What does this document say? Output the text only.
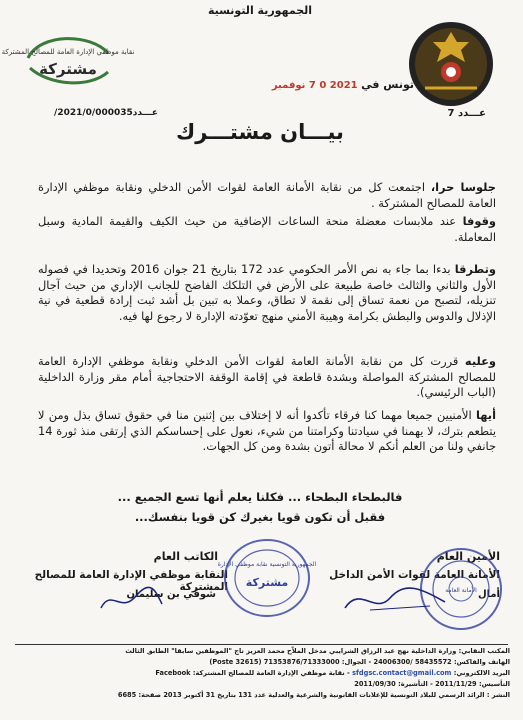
الجمهورية التونسية
نقابة موظفي الإدارة العامة للمصالح المشتركة
مشتركة
تونس في 2021 0 7 نوفمبر
عـــدد 7
عـــدد2021/0/000035/
بيـــان مشتـــرك
جلوسا حرا، اجتمعت كل من نقابة الأمانة العامة لقوات الأمن الدخلي ونقابة موظفي الإدارة العامة للمصالح المشتركة .
وقوفا عند ملابسات معضلة منحة الساعات الإضافية من حيث الكيف والقيمة المادية وسبل المعاملة.
وتطرقا بدءا بما جاء به نص الأمر الحكومي عدد 172 بتاريخ 21 جوان 2016 وتحديدا في فصوله الأول والثاني والثالث خاصة طبيعة على الأرض في التلكك الفاضح للجانب الإداري من حيث آجال تنزيله، لتصبح من نعمة تساق إلى نقمة لا تطاق، وعملا به تبين بل أشد ثبت إرادة قطعية في نية الإذلال والدوس والبطش بكرامة وهيبة الأمني منهج تعوّدته الإدارة لا رجوع لها فيه.
وعليه قررت كل من نقابة الأمانة العامة لقوات الأمن الدخلي ونقابة موظفي الإدارة العامة للمصالح المشتركة المواصلة وبشدة قاطعة في إقامة الوقفة الاحتجاجية أمام مقر وزارة الداخلية (الباب الرئيسي).
أيها الأمنيين جميعا مهما كنا فرقاء تأكدوا أنه لا إختلاف بين إثنين منا في حقوق تساق بذل ومن لا يتطعم بترك، لا يهمنا في سيادتنا وكرامتنا من شيء، نعول على إحساسكم الذي إرتقى منذ ثورة 14 جانفي ولنا من العلم أنكم لا محالة أتون بشدة ومن كل الجهات.
فالبطحاء البطحاء ... فكلنا يعلم أنها تسع الجميع ...
فقبل أن تكون قويا بغيرك كن قويا بنفسك...
الأمين العام
الأمانة العامة لقوات الأمن الداخل
أمال
الكاتب العام
النقابة موظفي الإدارة العامة للمصالح المشتركة
شوقي بن سليمان
الجمهورية التونسية نقابة موظفي الإدارة
مشتركة
الأمانة العامة
المكتب النقابي: وزارة الداخلية نهج عبد الرزاق الشرايبي مدخل الملاّح محمد العزيز تاج "الموظفين سابقا" الطابق الثالث
الهاتف والفاكس: 58435572 /24006300 - الجوال: 71353876/71333000 (Poste 32615)
البريد الالكتروني: sfdgsc.contact@gmail.com - نقابة موظفي الإدارة العامة للمصالح المشتركة: Facebook
التأسيس: 2011/11/29 - التأشيرة: 2011/09/30
النشر : الرائد الرسمي للبلاد التونسية للإعلانات القانونية والشرعية والعدلية عدد 131 بتاريخ 31 أكتوبر 2013 صفحة: 6685
